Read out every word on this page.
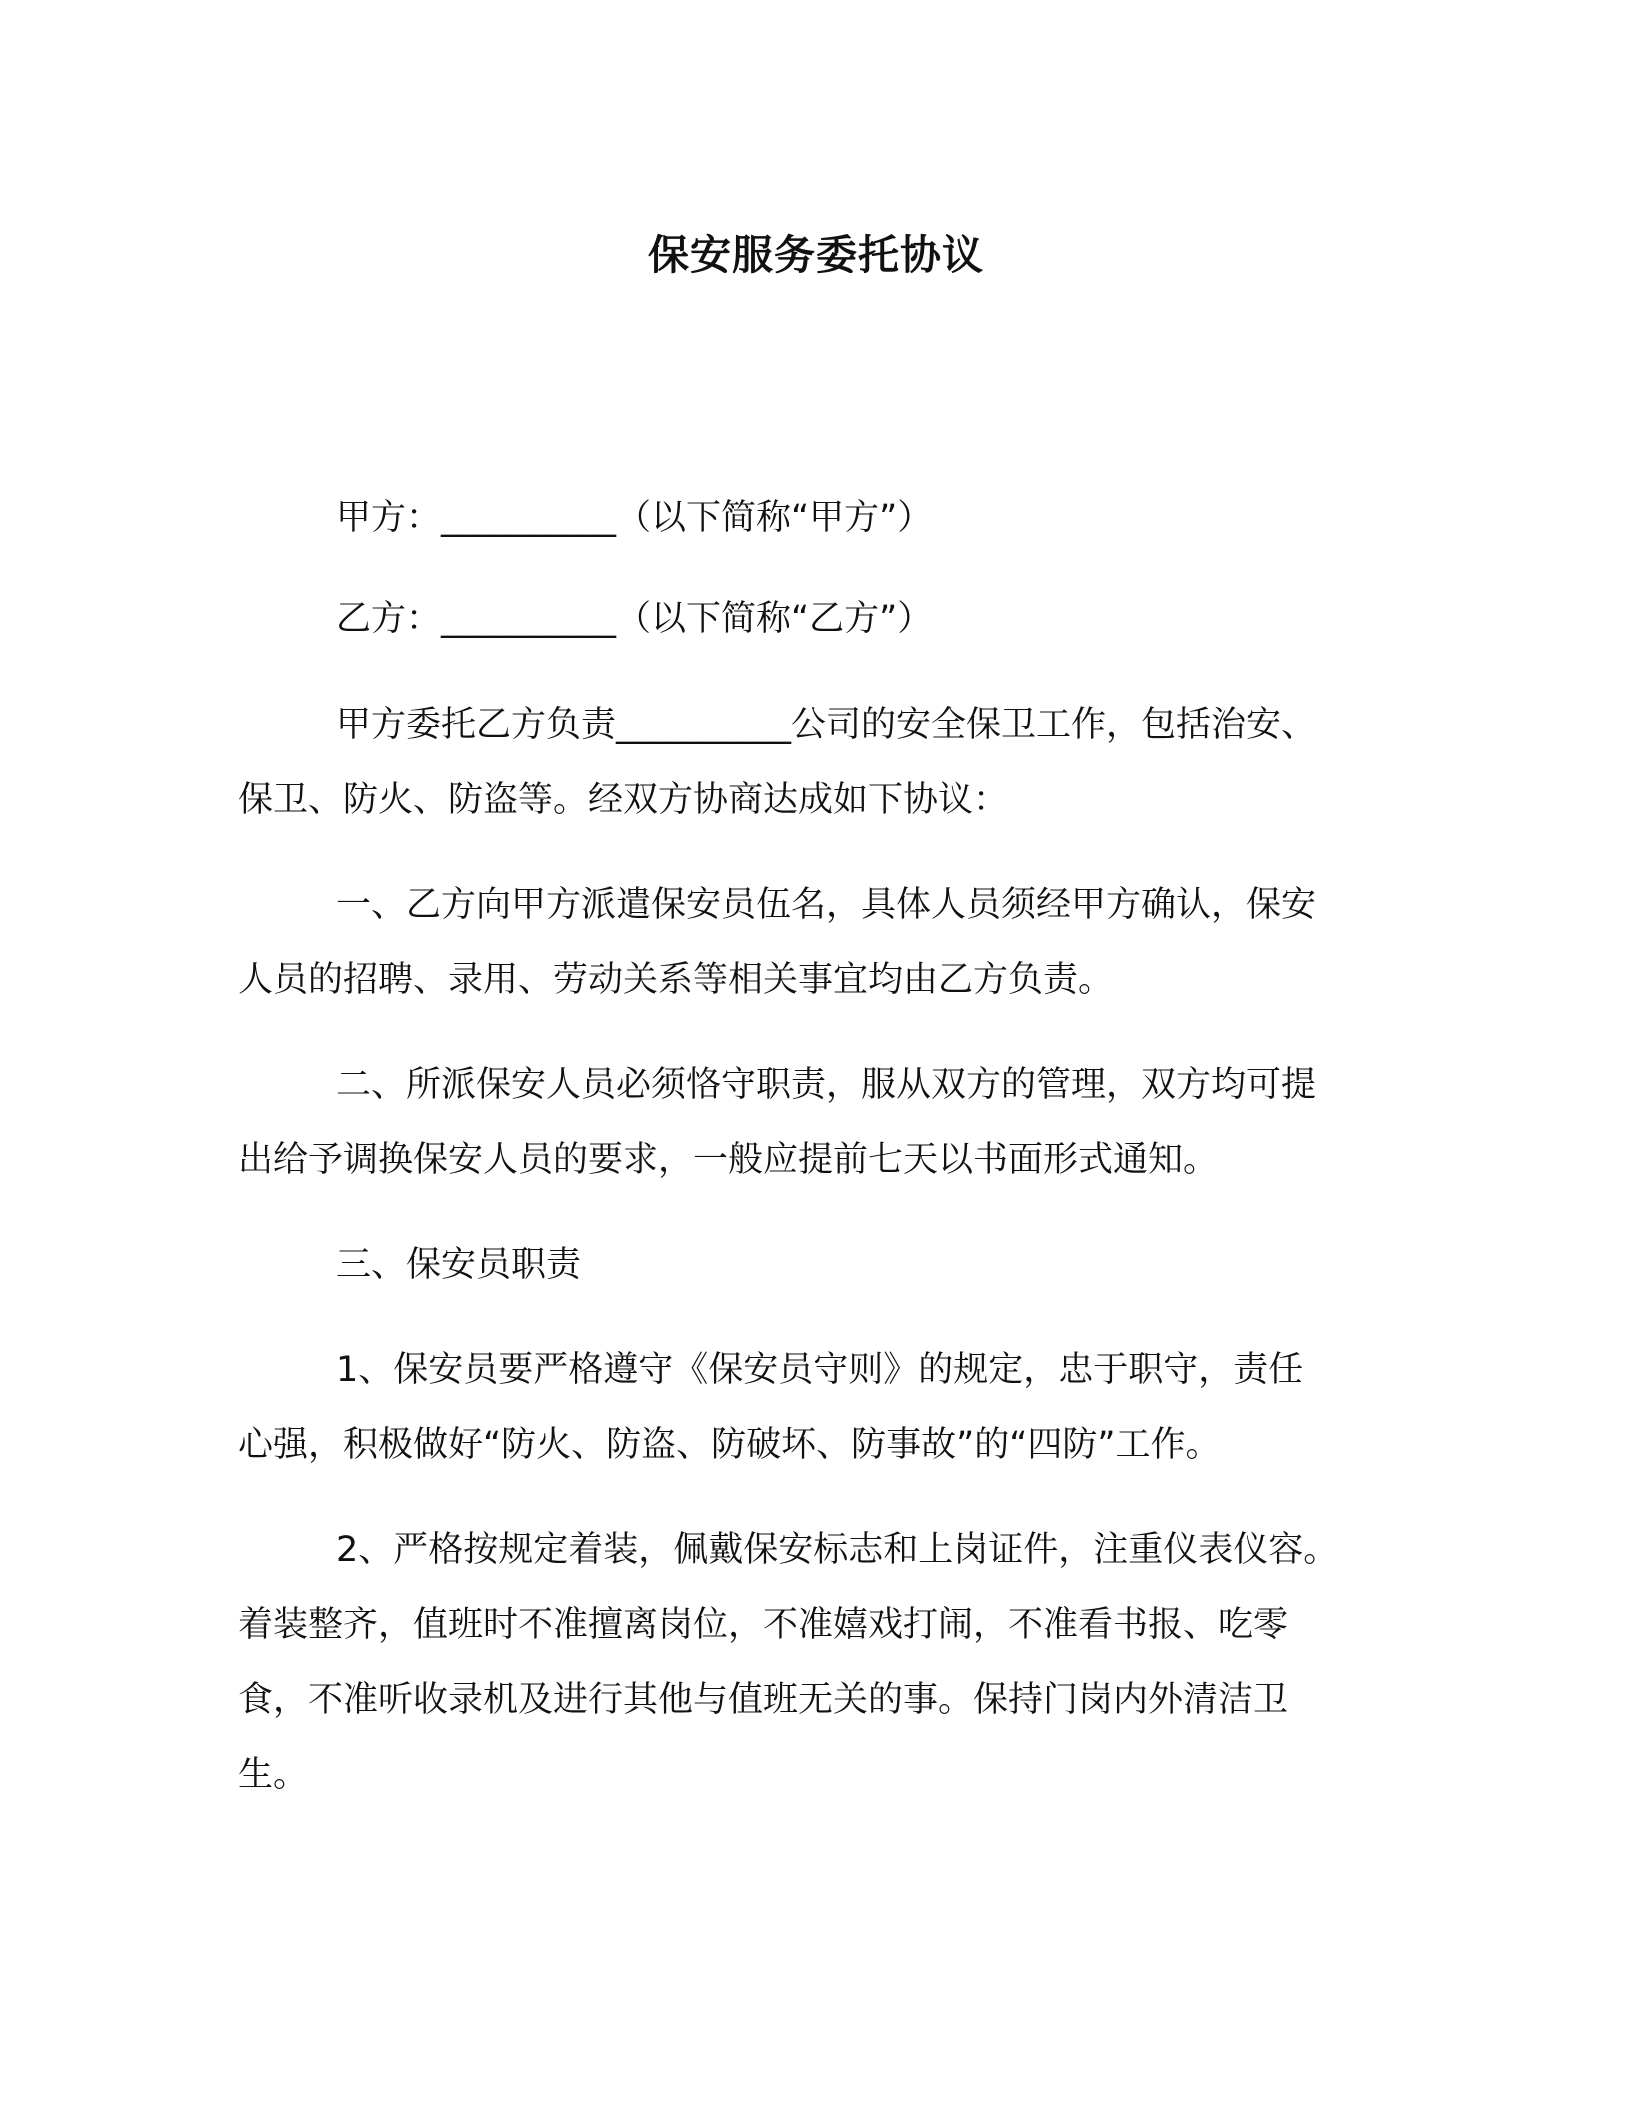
保安服务委托协议

甲方：__________（以下简称“甲方”）

乙方：__________（以下简称“乙方”）

甲方委托乙方负责__________公司的安全保卫工作，包括治安、

保卫、防火、防盗等。经双方协商达成如下协议：

一、乙方向甲方派遣保安员伍名，具体人员须经甲方确认，保安

人员的招聘、录用、劳动关系等相关事宜均由乙方负责。

二、所派保安人员必须恪守职责，服从双方的管理，双方均可提

出给予调换保安人员的要求，一般应提前七天以书面形式通知。

三、保安员职责

1、保安员要严格遵守《保安员守则》的规定，忠于职守，责任

心强，积极做好“防火、防盗、防破坏、防事故”的“四防”工作。

2、严格按规定着装，佩戴保安标志和上岗证件，注重仪表仪容。

着装整齐，值班时不准擅离岗位，不准嬉戏打闹，不准看书报、吃零

食，不准听收录机及进行其他与值班无关的事。保持门岗内外清洁卫

生。
